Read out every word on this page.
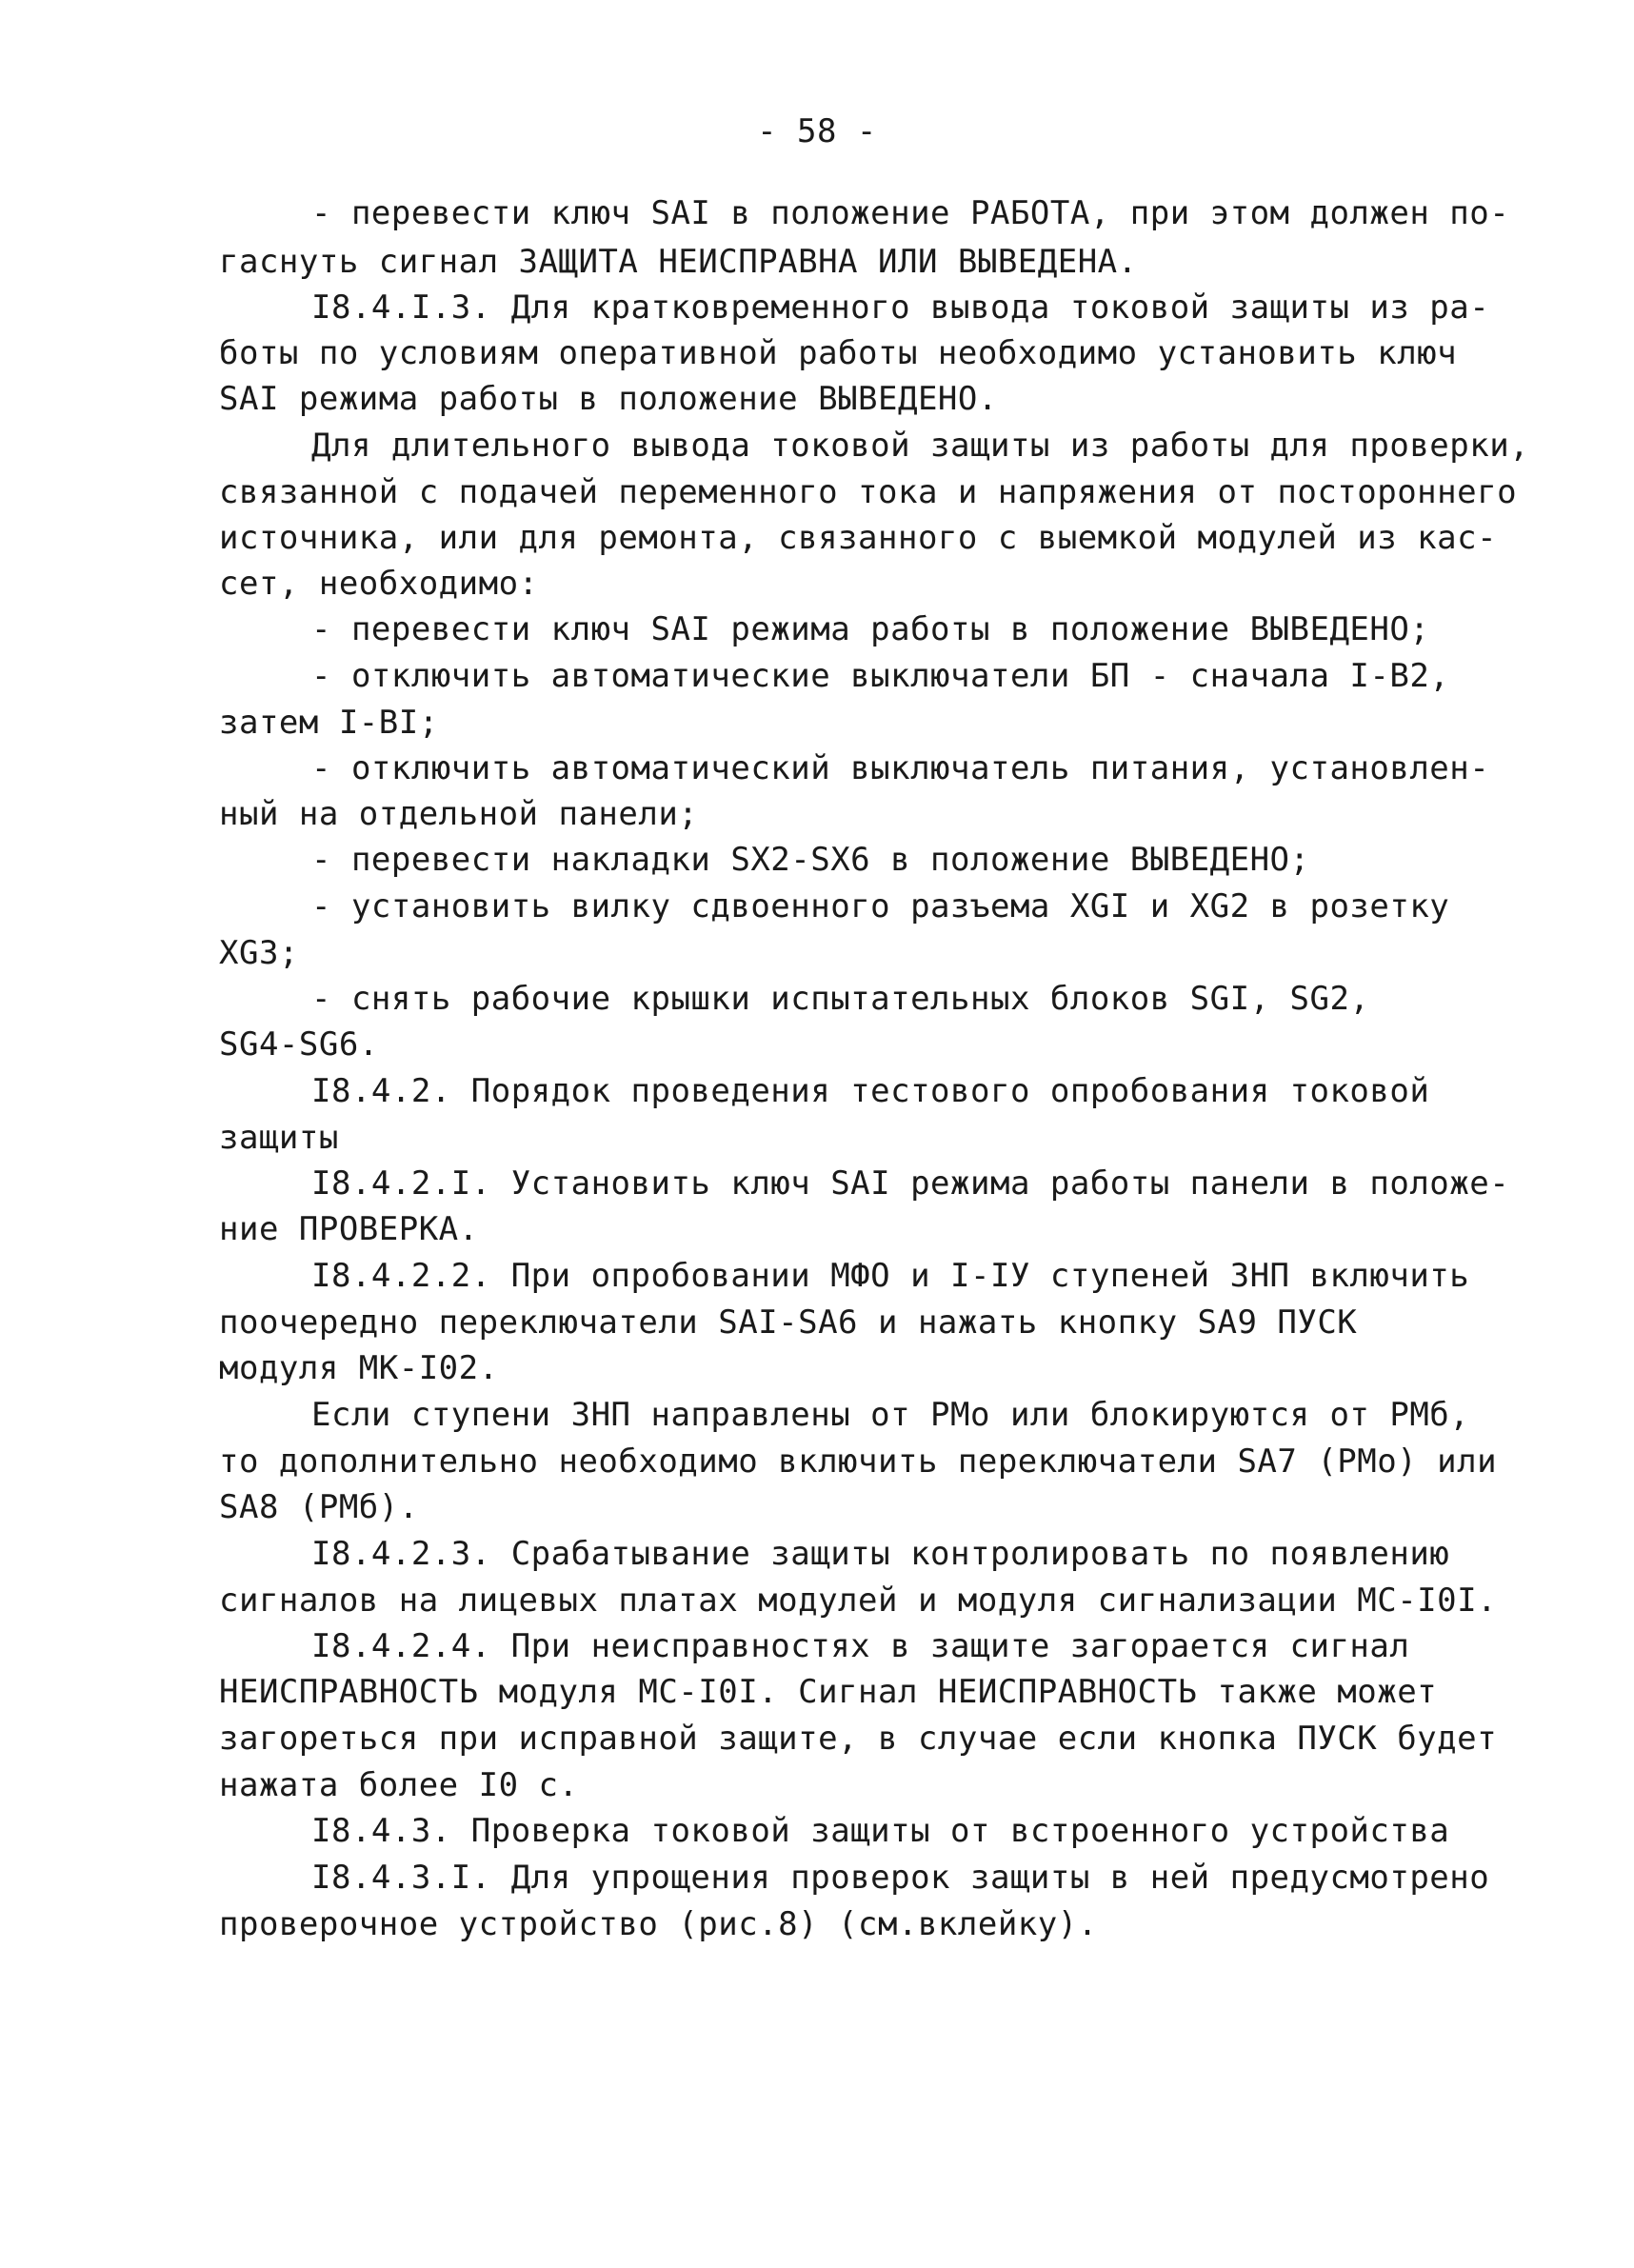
- 58 -
- перевести ключ SAI в положение РАБОТА, при этом должен по-
гаснуть сигнал ЗАЩИТА НЕИСПРАВНА ИЛИ ВЫВЕДЕНА.
I8.4.I.3. Для кратковременного вывода токовой защиты из ра-
боты по условиям оперативной работы необходимо установить ключ
SAI режима работы в положение ВЫВЕДЕНО.
Для длительного вывода токовой защиты из работы для проверки,
связанной с подачей переменного тока и напряжения от постороннего
источника, или для ремонта, связанного с выемкой модулей из кас-
сет, необходимо:
- перевести ключ SAI режима работы в положение ВЫВЕДЕНО;
- отключить автоматические выключатели БП - сначала I-В2,
затем I-ВI;
- отключить автоматический выключатель питания, установлен-
ный на отдельной панели;
- перевести накладки SX2-SX6 в положение ВЫВЕДЕНО;
- установить вилку сдвоенного разъема XGI и XG2 в розетку
XG3;
- снять рабочие крышки испытательных блоков SGI, SG2,
SG4-SG6.
I8.4.2. Порядок проведения тестового опробования токовой
защиты
I8.4.2.I. Установить ключ SAI режима работы панели в положе-
ние ПРОВЕРКА.
I8.4.2.2. При опробовании МФО и I-IУ ступеней ЗНП включить
поочередно переключатели SAI-SA6 и нажать кнопку SA9 ПУСК
модуля МК-I02.
Если ступени ЗНП направлены от РМо или блокируются от РМб,
то дополнительно необходимо включить переключатели SA7 (РМо) или
SA8 (РМб).
I8.4.2.3. Срабатывание защиты контролировать по появлению
сигналов на лицевых платах модулей и модуля сигнализации МС-I0I.
I8.4.2.4. При неисправностях в защите загорается сигнал
НЕИСПРАВНОСТЬ модуля МС-I0I. Сигнал НЕИСПРАВНОСТЬ также может
загореться при исправной защите, в случае если кнопка ПУСК будет
нажата более I0 с.
I8.4.3. Проверка токовой защиты от встроенного устройства
I8.4.3.I. Для упрощения проверок защиты в ней предусмотрено
проверочное устройство (рис.8) (см.вклейку).
